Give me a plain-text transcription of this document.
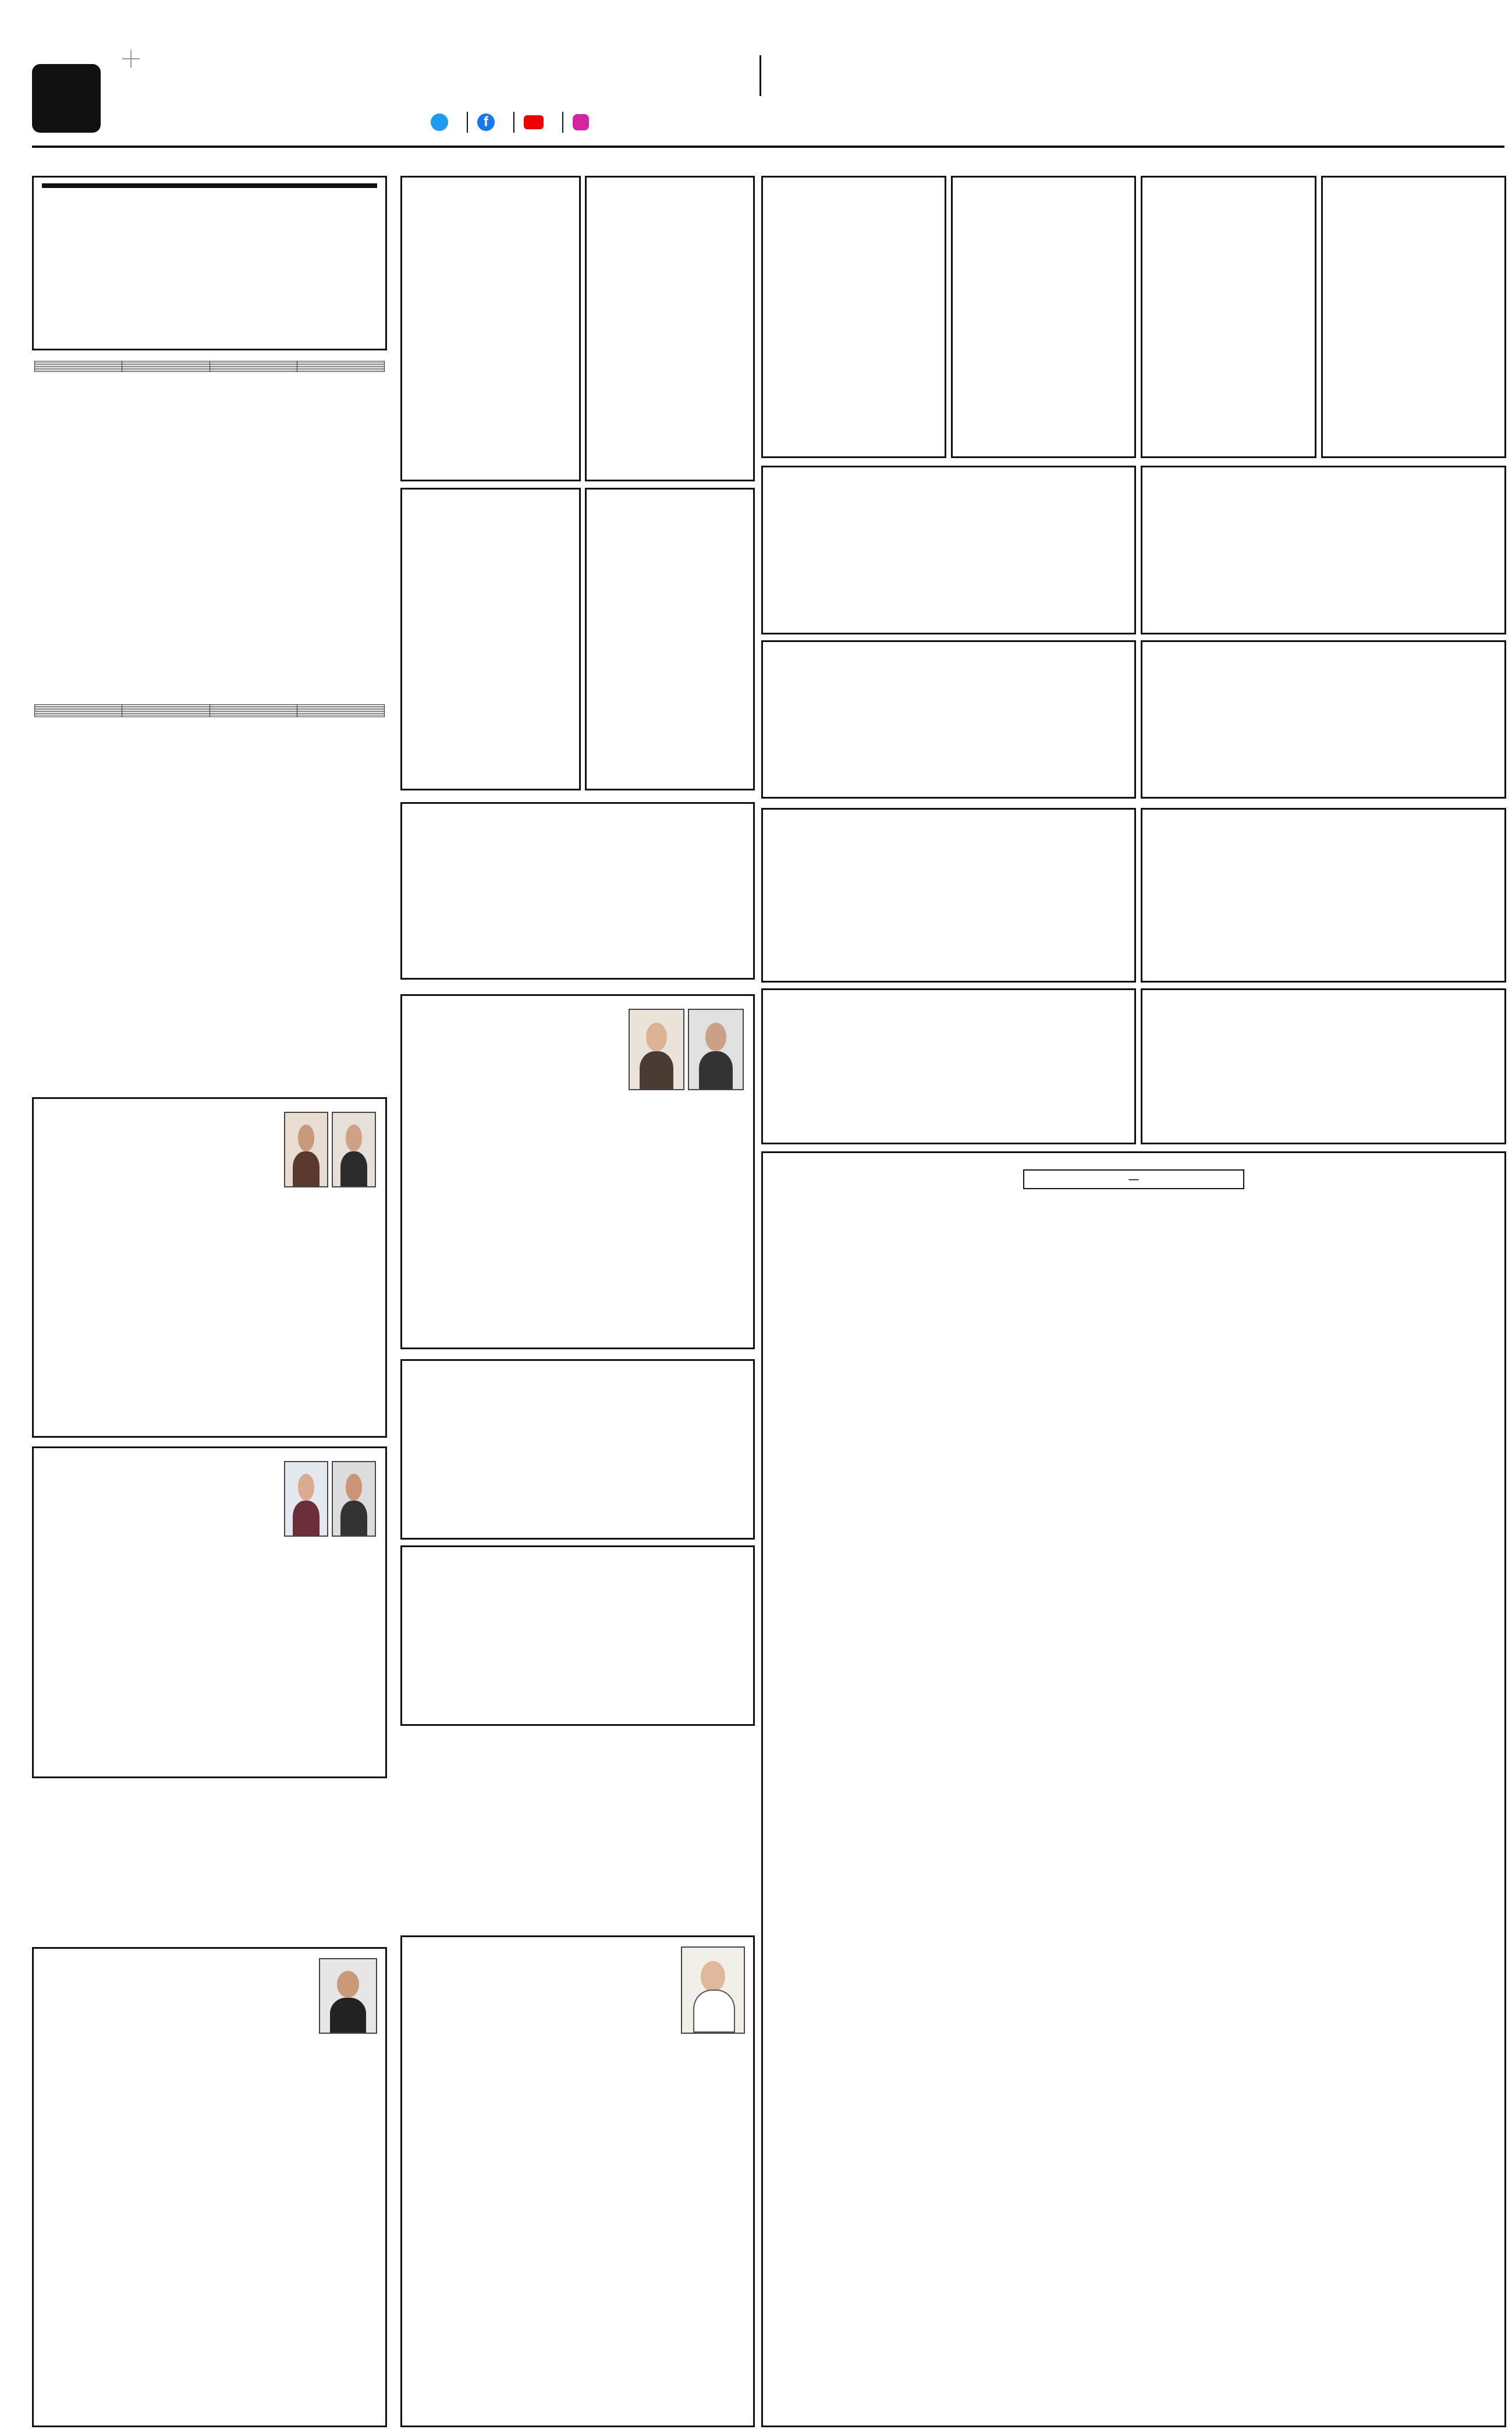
f

—
